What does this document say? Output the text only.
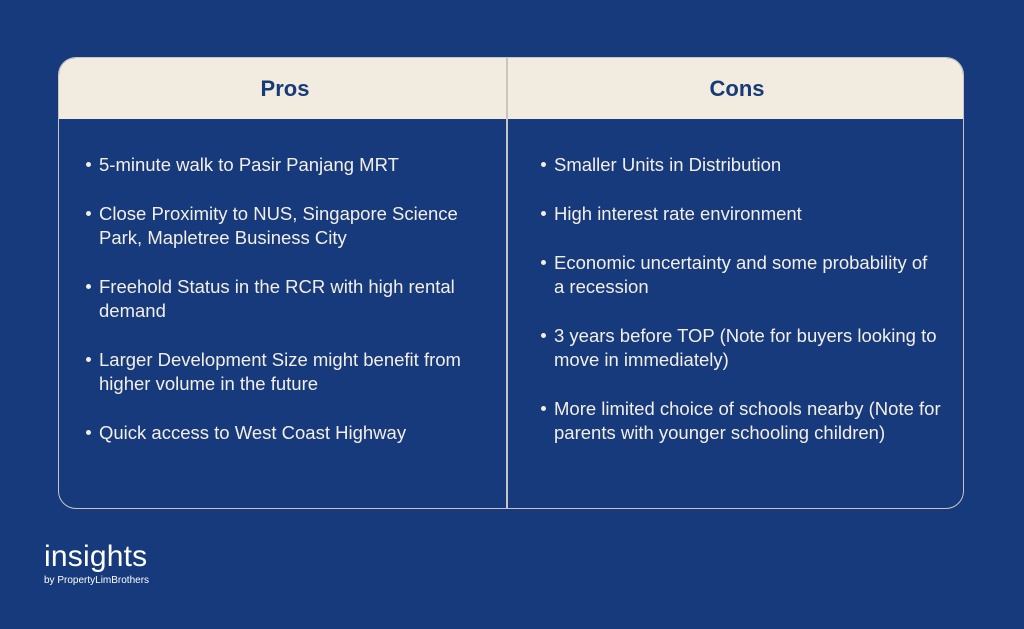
Pros	Cons
5-minute walk to Pasir Panjang MRT
Close Proximity to NUS, Singapore Science Park, Mapletree Business City
Freehold Status in the RCR with high rental demand
Larger Development Size might benefit from higher volume in the future
Quick access to West Coast Highway
Smaller Units in Distribution
High interest rate environment
Economic uncertainty and some probability of a recession
3 years before TOP (Note for buyers looking to move in immediately)
More limited choice of schools nearby (Note for parents with younger schooling children)
insights
by PropertyLimBrothers
